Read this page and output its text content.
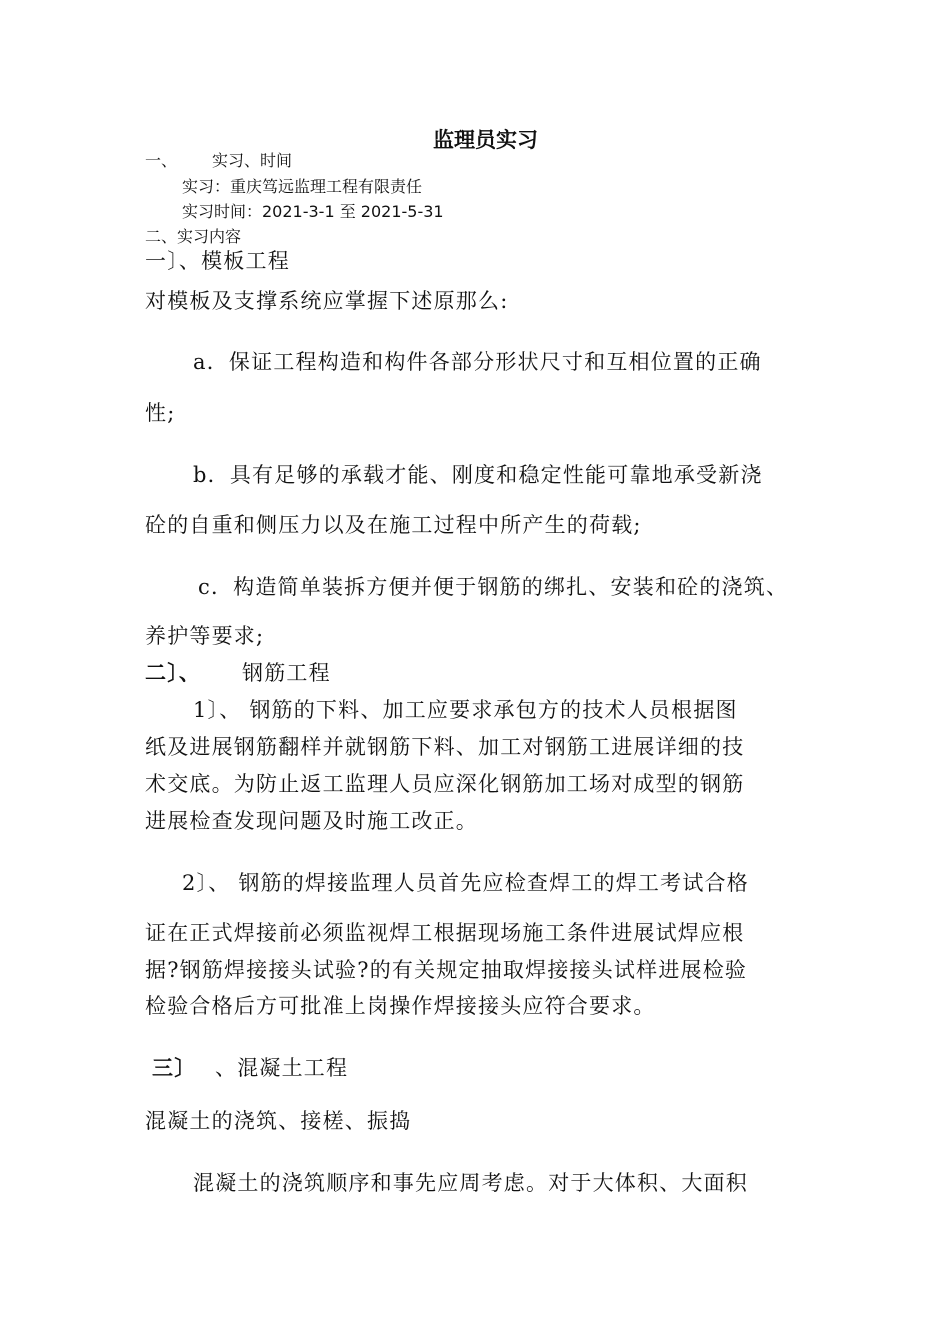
监理员实习
一、 实习、时间
实习：重庆笃远监理工程有限责任
实习时间：2021-3-1 至 2021-5-31
二、实习内容
一〕、模板工程
对模板及支撑系统应掌握下述原那么:
a．保证工程构造和构件各部分形状尺寸和互相位置的正确
性;
b．具有足够的承载才能、刚度和稳定性能可靠地承受新浇
砼的自重和侧压力以及在施工过程中所产生的荷载;
c．构造简单装拆方便并便于钢筋的绑扎、安装和砼的浇筑、
养护等要求;
二〕、 钢筋工程
1〕、 钢筋的下料、加工应要求承包方的技术人员根据图
纸及进展钢筋翻样并就钢筋下料、加工对钢筋工进展详细的技
术交底。为防止返工监理人员应深化钢筋加工场对成型的钢筋
进展检查发现问题及时施工改正。
2〕、 钢筋的焊接监理人员首先应检查焊工的焊工考试合格
证在正式焊接前必须监视焊工根据现场施工条件进展试焊应根
据?钢筋焊接接头试验?的有关规定抽取焊接接头试样进展检验
检验合格后方可批准上岗操作焊接接头应符合要求。
三〕 、混凝土工程
混凝土的浇筑、接槎、振捣
混凝土的浇筑顺序和事先应周考虑。对于大体积、大面积
